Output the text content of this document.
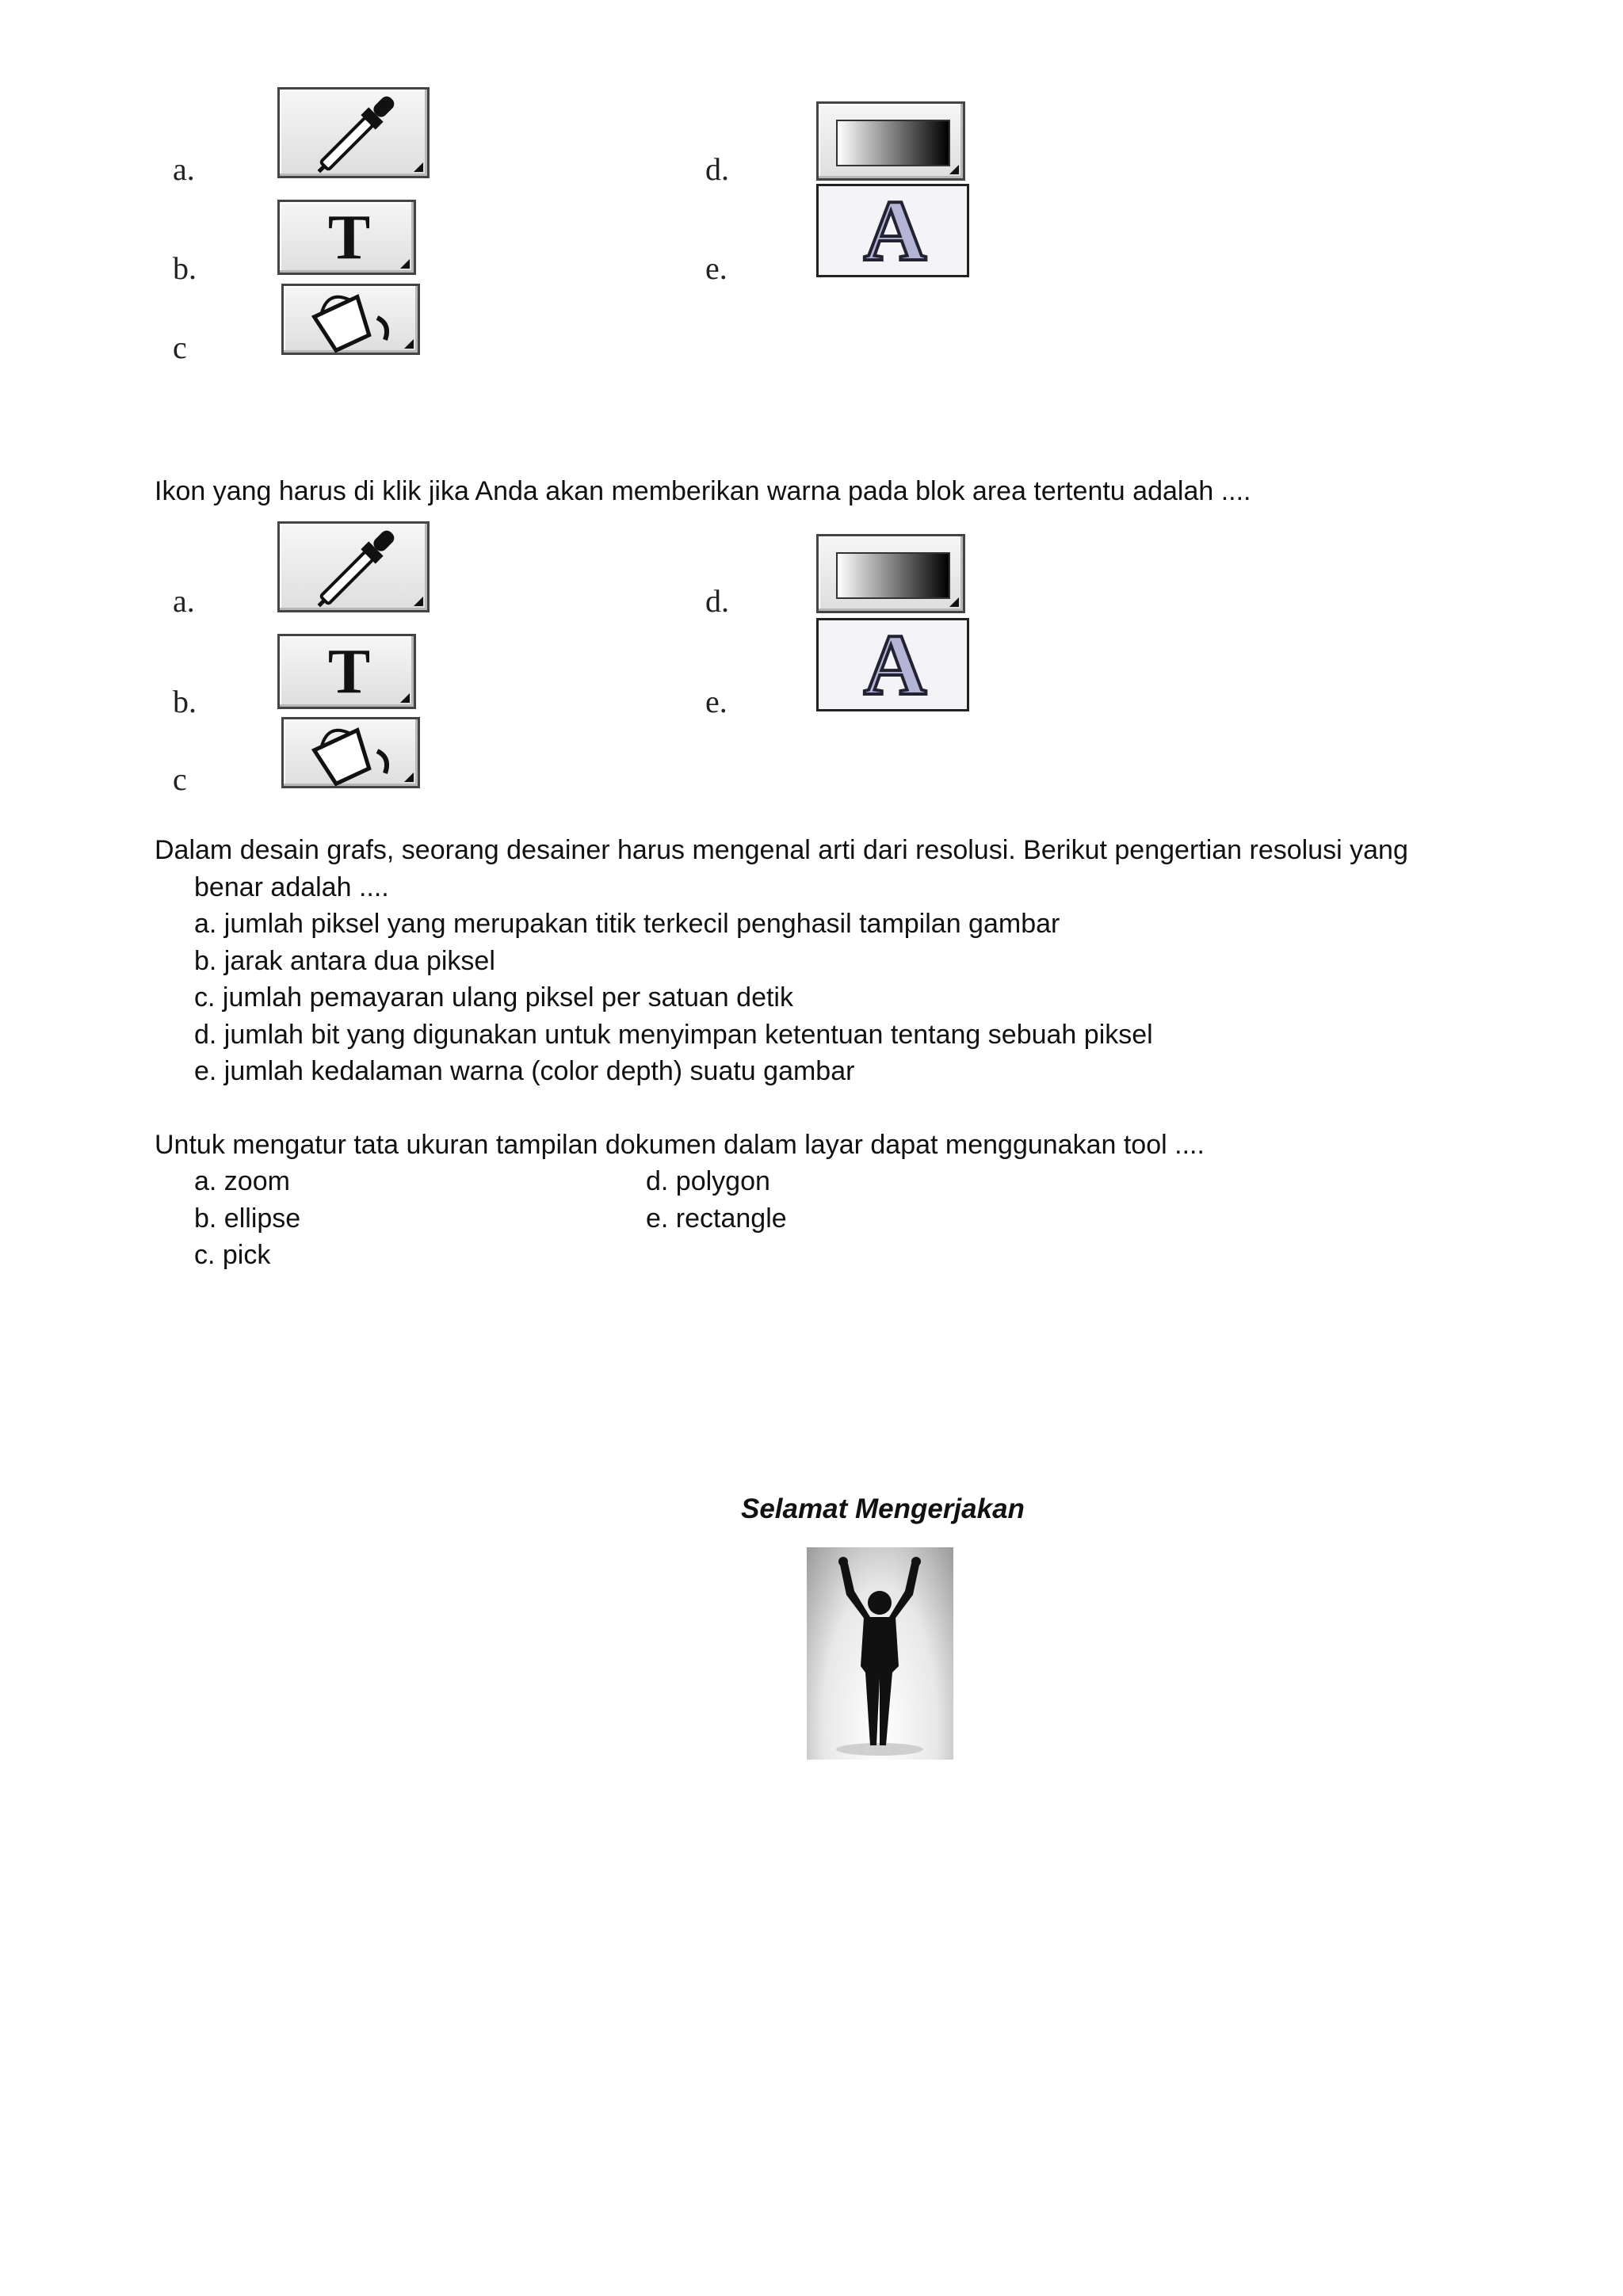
a.
b.
c
d.
e.
T	A
Ikon yang harus di klik jika Anda akan memberikan warna pada blok area tertentu adalah ....
a.
b.
c
d.
e.
T	A
Dalam desain grafs, seorang desainer harus mengenal arti dari resolusi. Berikut pengertian resolusi yang
benar adalah ....
a. jumlah piksel yang merupakan titik terkecil penghasil tampilan gambar
b. jarak antara dua piksel
c. jumlah pemayaran ulang piksel per satuan detik
d. jumlah bit yang digunakan untuk menyimpan ketentuan tentang sebuah piksel
e. jumlah kedalaman warna (color depth) suatu gambar
Untuk mengatur tata ukuran tampilan dokumen dalam layar dapat menggunakan tool ....
a. zoom
b. ellipse
c. pick
d. polygon
e. rectangle
Selamat Mengerjakan
